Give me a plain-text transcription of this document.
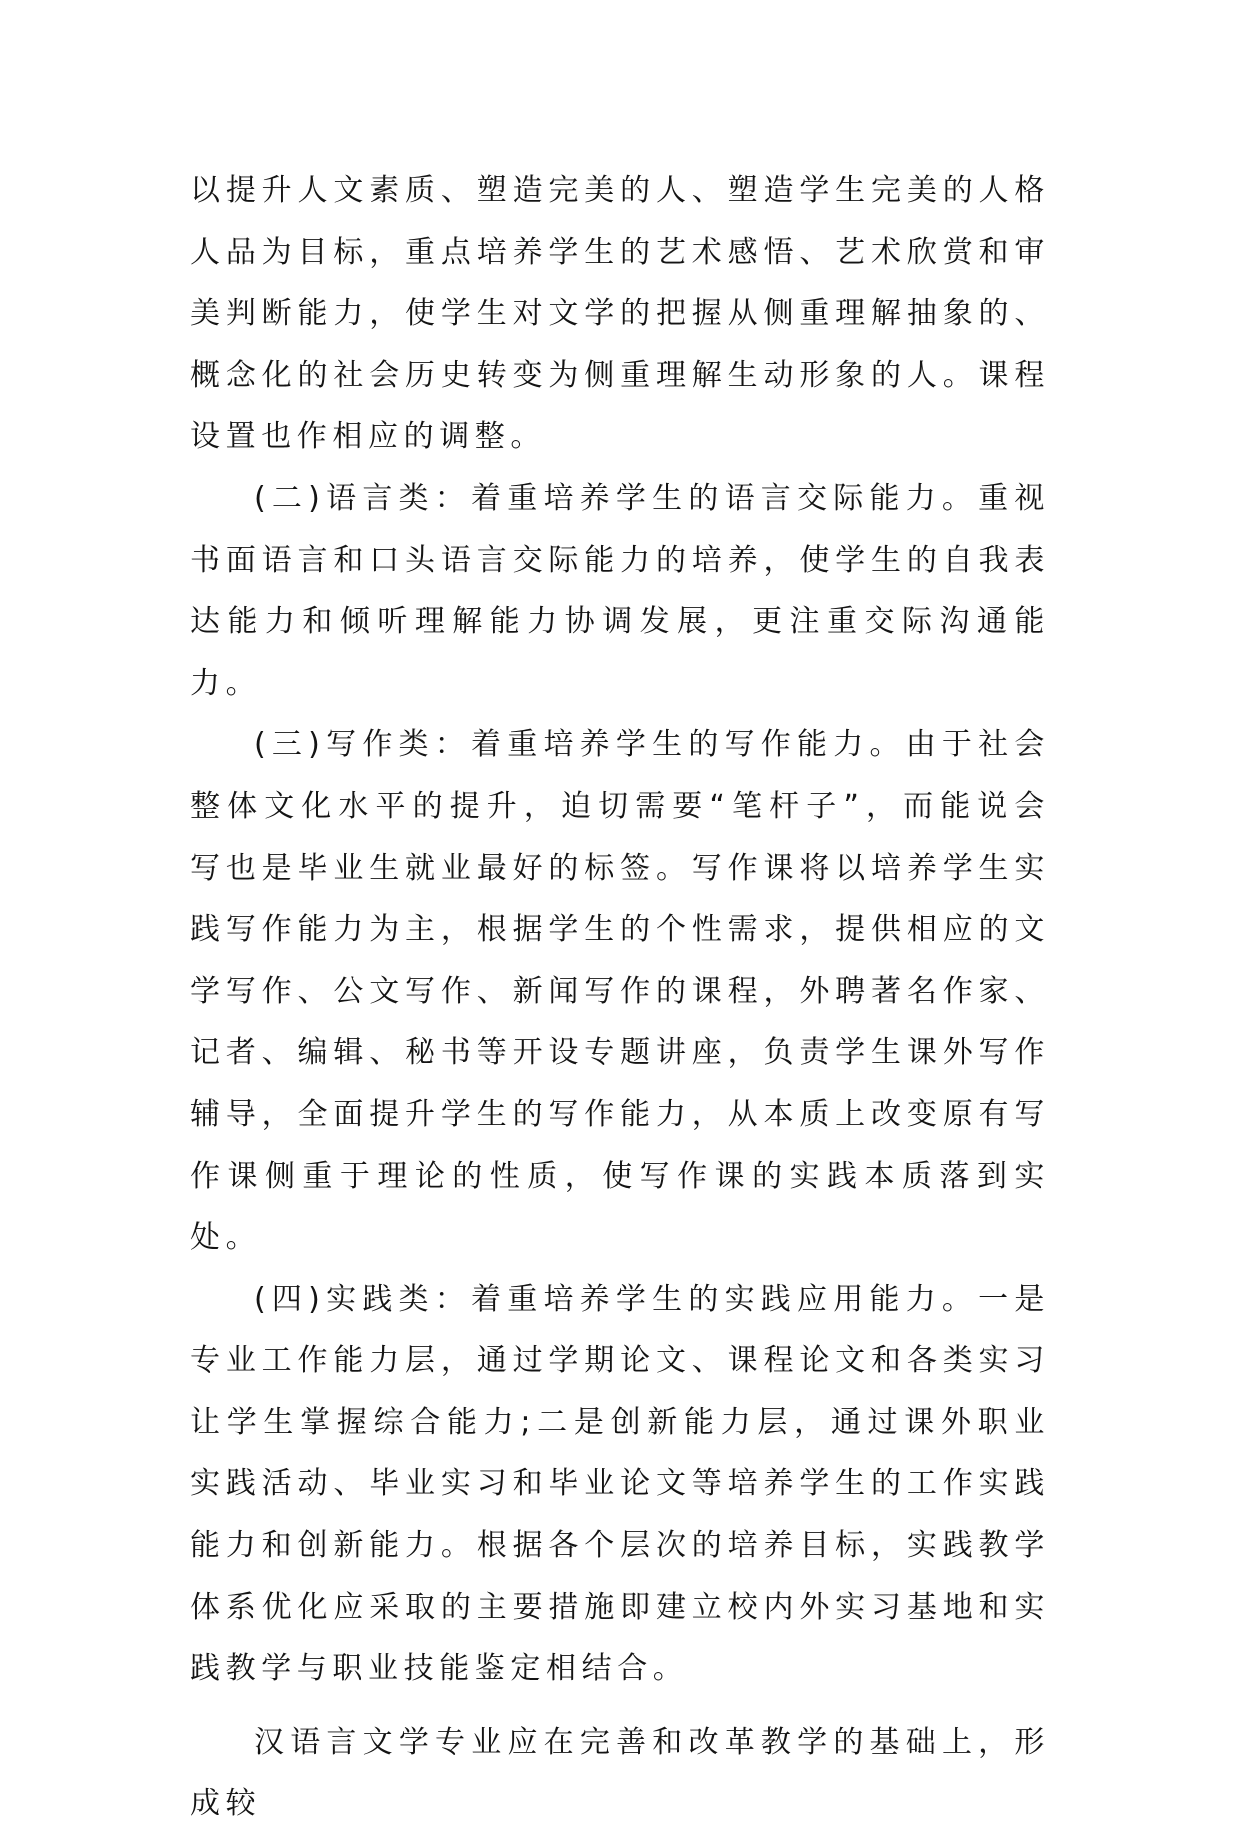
以提升人文素质、塑造完美的人、塑造学生完美的人格人品为目标，重点培养学生的艺术感悟、艺术欣赏和审美判断能力，使学生对文学的把握从侧重理解抽象的、概念化的社会历史转变为侧重理解生动形象的人。课程设置也作相应的调整。

(二)语言类：着重培养学生的语言交际能力。重视书面语言和口头语言交际能力的培养，使学生的自我表达能力和倾听理解能力协调发展，更注重交际沟通能力。

(三)写作类：着重培养学生的写作能力。由于社会整体文化水平的提升，迫切需要“笔杆子”，而能说会写也是毕业生就业最好的标签。写作课将以培养学生实践写作能力为主，根据学生的个性需求，提供相应的文学写作、公文写作、新闻写作的课程，外聘著名作家、记者、编辑、秘书等开设专题讲座，负责学生课外写作辅导，全面提升学生的写作能力，从本质上改变原有写作课侧重于理论的性质，使写作课的实践本质落到实处。

(四)实践类：着重培养学生的实践应用能力。一是专业工作能力层，通过学期论文、课程论文和各类实习让学生掌握综合能力;二是创新能力层，通过课外职业实践活动、毕业实习和毕业论文等培养学生的工作实践能力和创新能力。根据各个层次的培养目标，实践教学体系优化应采取的主要措施即建立校内外实习基地和实践教学与职业技能鉴定相结合。

汉语言文学专业应在完善和改革教学的基础上，形成较
